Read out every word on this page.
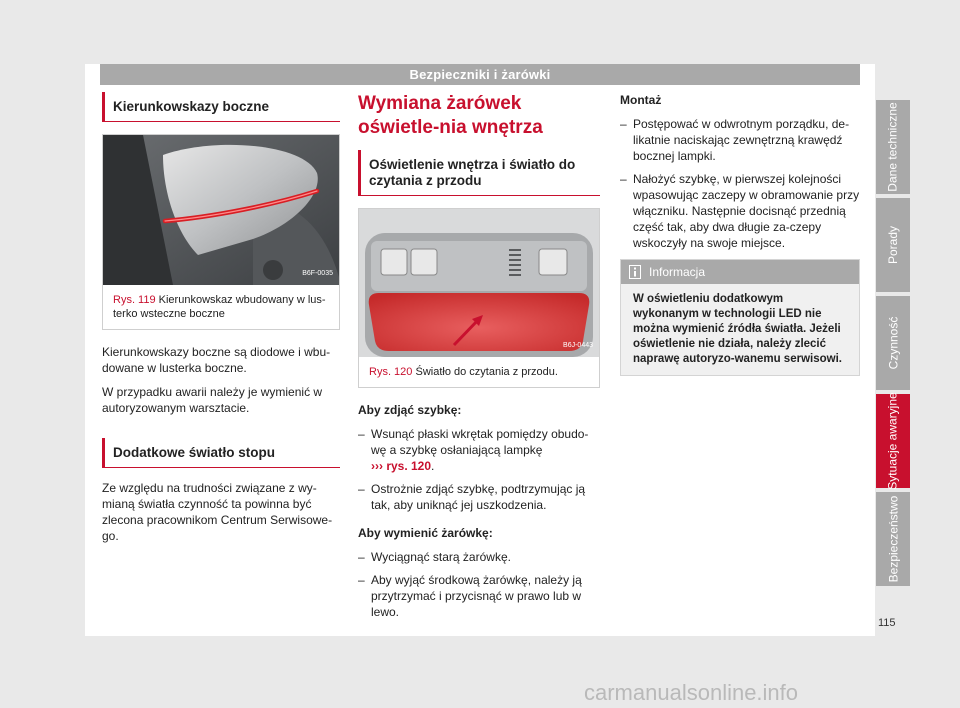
Bezpieczniki i żarówki
Kierunkowskazy boczne
B6F-0035
Rys. 119 Kierunkowskaz wbudowany w lus-terko wsteczne boczne

Kierunkowskazy boczne są diodowe i wbu-dowane w lusterka boczne.

W przypadku awarii należy je wymienić w autoryzowanym warsztacie.

Dodatkowe światło stopu

Ze względu na trudności związane z wy-mianą światła czynność ta powinna być zlecona pracownikom Centrum Serwisowe-go.

Wymiana żarówek oświetle-nia wnętrza
Oświetlenie wnętrza i światło do czytania z przodu
B6J-0443
Rys. 120 Światło do czytania z przodu.

Aby zdjąć szybkę:

– Wsunąć płaski wkrętak pomiędzy obudo-wę a szybkę osłaniającą lampkę
››› rys. 120.
– Ostrożnie zdjąć szybkę, podtrzymując ją tak, aby uniknąć jej uszkodzenia.

Aby wymienić żarówkę:

– Wyciągnąć starą żarówkę.
– Aby wyjąć środkową żarówkę, należy ją przytrzymać i przycisnąć w prawo lub w lewo.

Montaż

– Postępować w odwrotnym porządku, de-likatnie naciskając zewnętrzną krawędź bocznej lampki.
– Nałożyć szybkę, w pierwszej kolejności wpasowując zaczepy w obramowanie przy włączniku. Następnie docisnąć przednią część tak, aby dwa długie za-czepy wskoczyły na swoje miejsce.
Informacja
W oświetleniu dodatkowym wykonanym w technologii LED nie można wymienić źródła światła. Jeżeli oświetlenie nie działa, należy zlecić naprawę autoryzo-wanemu serwisowi.
Dane techniczne
Porady
Czynność
Sytuacje awaryjne
Bezpieczeństwo
115
carmanualsonline.info
